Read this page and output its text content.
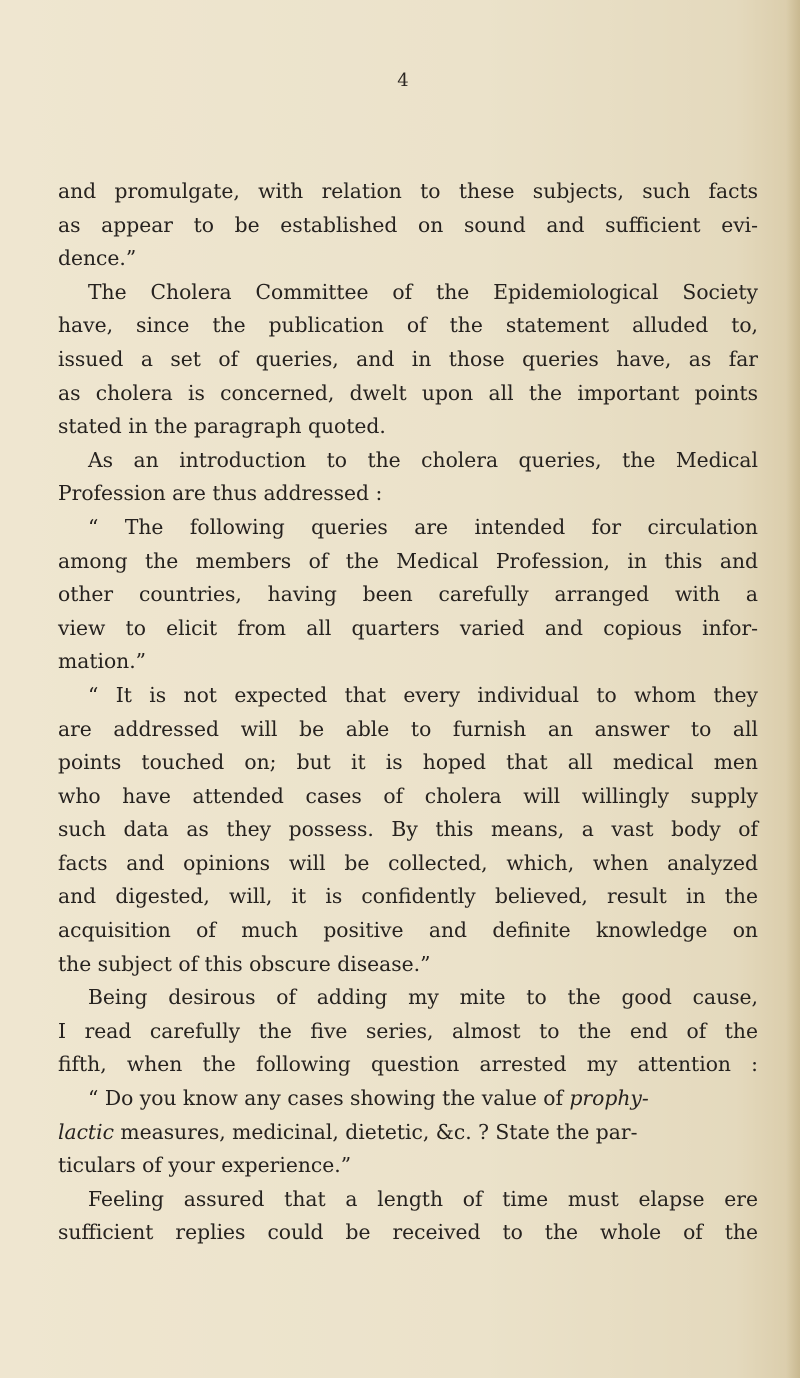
4
and promulgate, with relation to these subjects, such facts
as appear to be established on sound and sufficient evi-
dence.”
The Cholera Committee of the Epidemiological Society
have, since the publication of the statement alluded to,
issued a set of queries, and in those queries have, as far
as cholera is concerned, dwelt upon all the important points
stated in the paragraph quoted.
As an introduction to the cholera queries, the Medical
Profession are thus addressed :
“ The following queries are intended for circulation
among the members of the Medical Profession, in this and
other countries, having been carefully arranged with a
view to elicit from all quarters varied and copious infor-
mation.”
“ It is not expected that every individual to whom they
are addressed will be able to furnish an answer to all
points touched on; but it is hoped that all medical men
who have attended cases of cholera will willingly supply
such data as they possess. By this means, a vast body of
facts and opinions will be collected, which, when analyzed
and digested, will, it is confidently believed, result in the
acquisition of much positive and definite knowledge on
the subject of this obscure disease.”
Being desirous of adding my mite to the good cause,
I read carefully the five series, almost to the end of the
fifth, when the following question arrested my attention :
“ Do you know any cases showing the value of prophy-
lactic measures, medicinal, dietetic, &c. ? State the par-
ticulars of your experience.”
Feeling assured that a length of time must elapse ere
sufficient replies could be received to the whole of the
